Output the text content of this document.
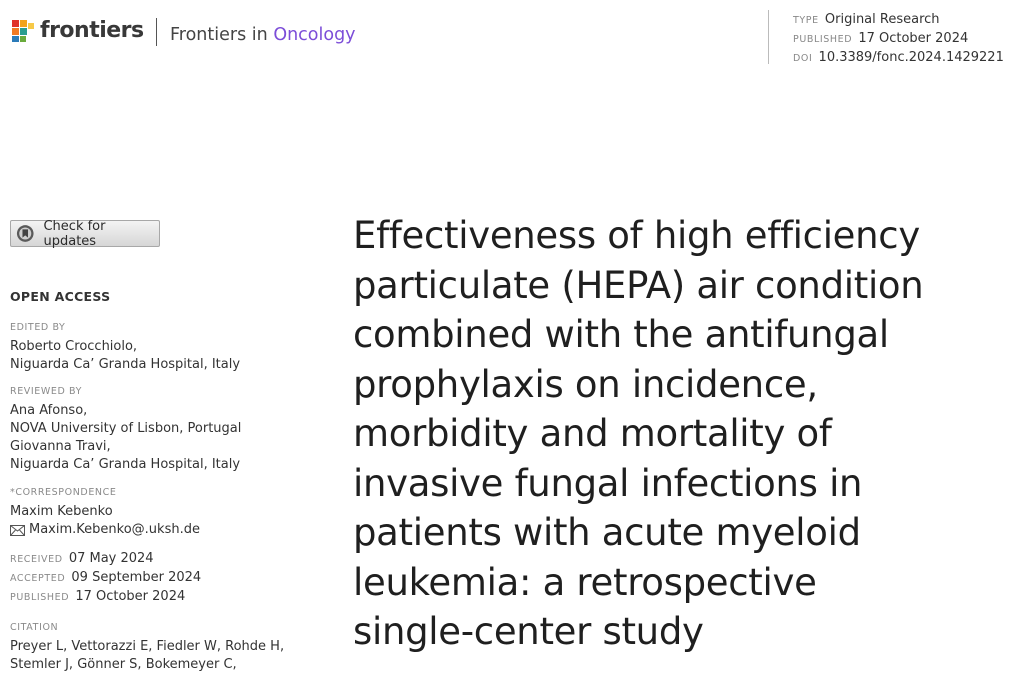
frontiers Frontiers in Oncology
TYPE Original Research
PUBLISHED 17 October 2024
DOI 10.3389/fonc.2024.1429221
Check for updates
OPEN ACCESS
EDITED BY
Roberto Crocchiolo,
Niguarda Ca’ Granda Hospital, Italy
REVIEWED BY
Ana Afonso,
NOVA University of Lisbon, Portugal
Giovanna Travi,
Niguarda Ca’ Granda Hospital, Italy
*CORRESPONDENCE
Maxim Kebenko
Maxim.Kebenko@.uksh.de
RECEIVED 07 May 2024
ACCEPTED 09 September 2024
PUBLISHED 17 October 2024
CITATION
Preyer L, Vettorazzi E, Fiedler W, Rohde H,
Stemler J, Gönner S, Bokemeyer C,
Effectiveness of high efficiency
particulate (HEPA) air condition
combined with the antifungal
prophylaxis on incidence,
morbidity and mortality of
invasive fungal infections in
patients with acute myeloid
leukemia: a retrospective
single-center study
